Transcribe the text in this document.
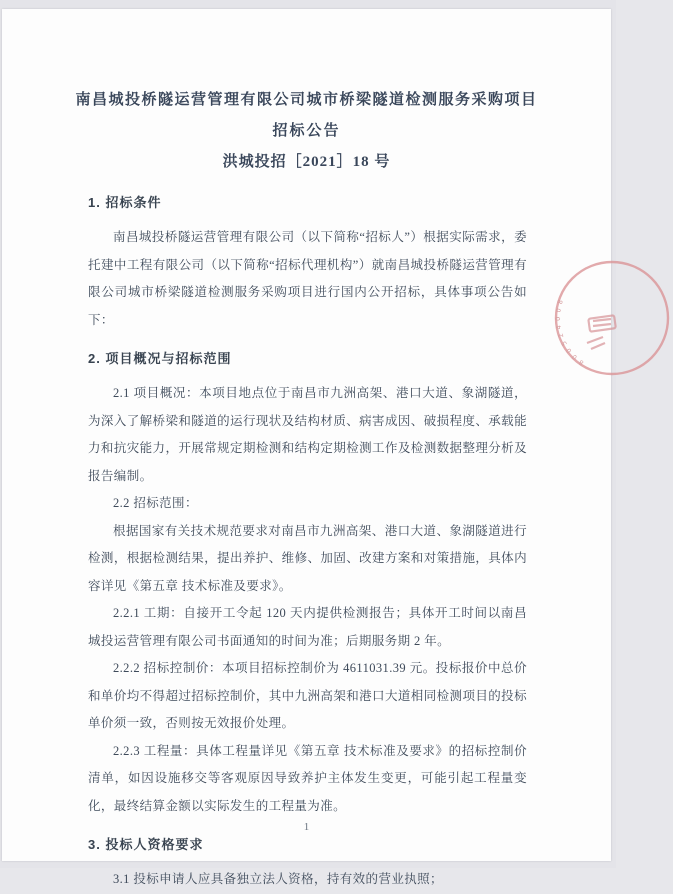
南昌城投桥隧运营管理有限公司城市桥梁隧道检测服务采购项目
招标公告
洪城投招［2021］18 号
1. 招标条件

南昌城投桥隧运营管理有限公司（以下简称“招标人”）根据实际需求，委托建中工程有限公司（以下简称“招标代理机构”）就南昌城投桥隧运营管理有限公司城市桥梁隧道检测服务采购项目进行国内公开招标，具体事项公告如下：

2. 项目概况与招标范围

2.1 项目概况：本项目地点位于南昌市九洲高架、港口大道、象湖隧道，为深入了解桥梁和隧道的运行现状及结构材质、病害成因、破损程度、承载能力和抗灾能力，开展常规定期检测和结构定期检测工作及检测数据整理分析及报告编制。

2.2 招标范围：

根据国家有关技术规范要求对南昌市九洲高架、港口大道、象湖隧道进行检测，根据检测结果，提出养护、维修、加固、改建方案和对策措施，具体内容详见《第五章 技术标准及要求》。

2.2.1 工期：自接开工令起 120 天内提供检测报告；具体开工时间以南昌城投运营管理有限公司书面通知的时间为准；后期服务期 2 年。

2.2.2 招标控制价：本项目招标控制价为 4611031.39 元。投标报价中总价和单价均不得超过招标控制价，其中九洲高架和港口大道相同检测项目的投标单价须一致，否则按无效报价处理。

2.2.3 工程量：具体工程量详见《第五章 技术标准及要求》的招标控制价清单，如因设施移交等客观原因导致养护主体发生变更，可能引起工程量变化，最终结算金额以实际发生的工程量为准。

3. 投标人资格要求

3.1 投标申请人应具备独立法人资格，持有效的营业执照；

1
8 0 0 5 2 4 0 0 8
